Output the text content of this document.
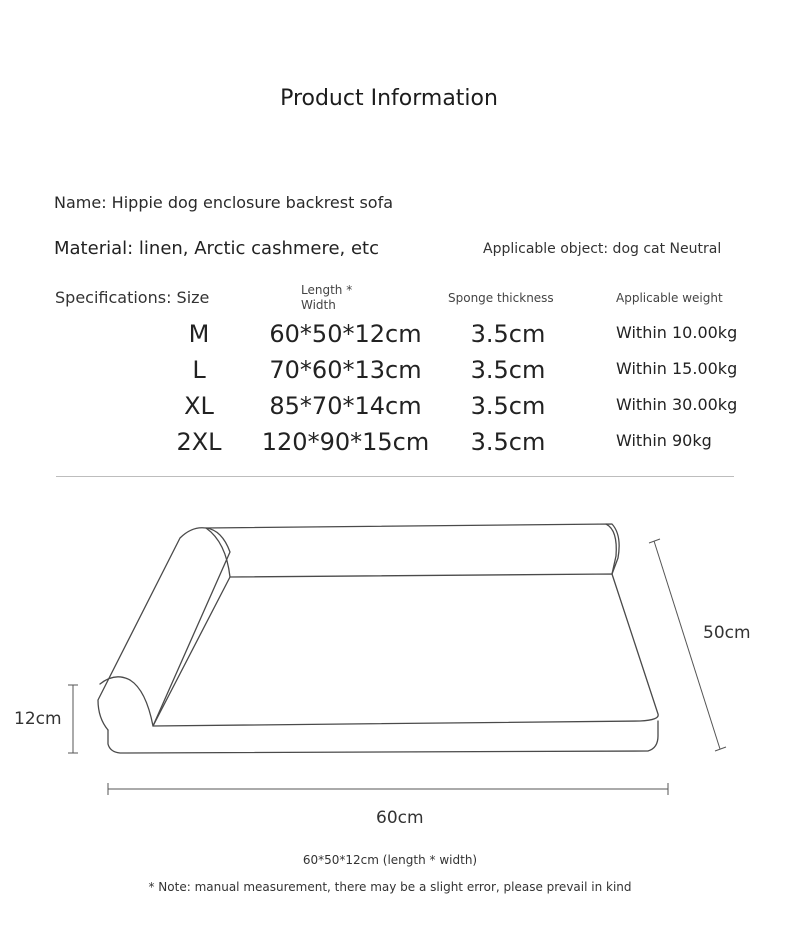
Product Information
Name: Hippie dog enclosure backrest sofa
Material: linen, Arctic cashmere, etc	Applicable object: dog cat Neutral
Specifications: Size	Length * Width	Sponge thickness	Applicable weight
M	60*50*12cm	3.5cm	Within 10.00kg
L	70*60*13cm	3.5cm	Within 15.00kg
XL	85*70*14cm	3.5cm	Within 30.00kg
2XL	120*90*15cm	3.5cm	Within 90kg
12cm
50cm
60cm
60*50*12cm (length * width)
* Note: manual measurement, there may be a slight error, please prevail in kind
